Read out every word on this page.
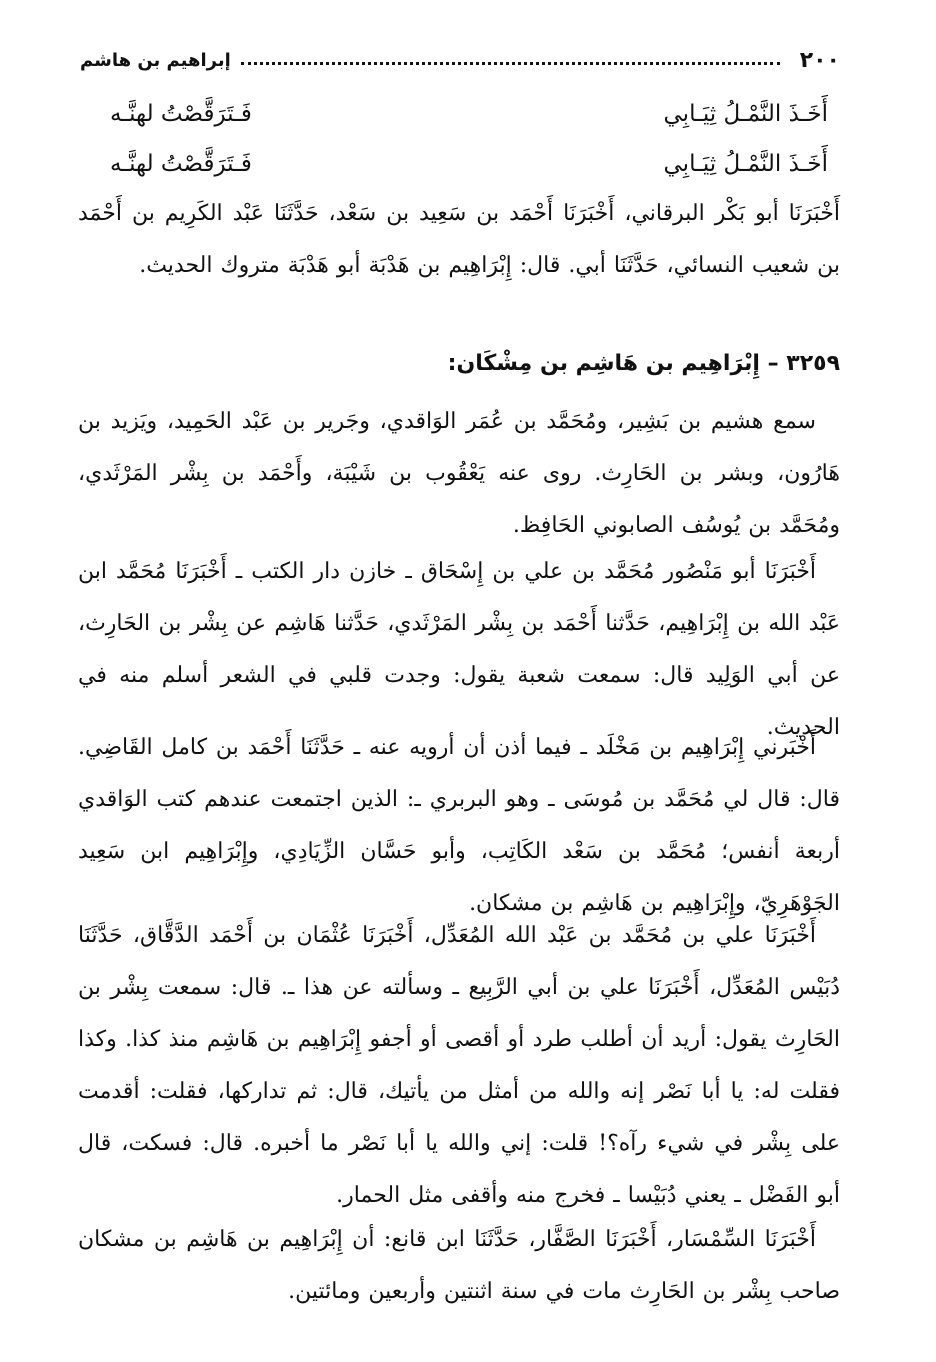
٢٠٠
إبراهيم بن هاشم
أَخَـذَ النَّمْـلُ ثِيَـابِي
فَـتَرَقَّصْتُ لهنَّـه
أَخَـذَ النَّمْـلُ ثِيَـابِي
فَـتَرَقَّصْتُ لهنَّـه
أَخْبَرَنَا أبو بَكْر البرقاني، أَخْبَرَنَا أَحْمَد بن سَعِيد بن سَعْد، حَدَّثَنَا عَبْد الكَرِيم بن أَحْمَد بن شعيب النسائي، حَدَّثَنَا أبي. قال: إِبْرَاهِيم بن هَدْبَة أبو هَدْبَة متروك الحديث.
٣٢٥٩ – إِبْرَاهِيم بن هَاشِم بن مِشْكَان:
سمع هشيم بن بَشِير، ومُحَمَّد بن عُمَر الوَاقدي، وجَرير بن عَبْد الحَمِيد، ويَزيد بن هَارُون، وبشر بن الحَارِث. روى عنه يَعْقُوب بن شَيْبَة، وأَحْمَد بن بِشْر المَرْثَدي، ومُحَمَّد بن يُوسُف الصابوني الحَافِظ.
أَخْبَرَنَا أبو مَنْصُور مُحَمَّد بن علي بن إِسْحَاق ـ خازن دار الكتب ـ أَخْبَرَنَا مُحَمَّد ابن عَبْد الله بن إِبْرَاهِيم، حَدَّثنا أَحْمَد بن بِشْر المَرْثَدي، حَدَّثنا هَاشِم عن بِشْر بن الحَارِث، عن أبي الوَلِيد قال: سمعت شعبة يقول: وجدت قلبي في الشعر أسلم منه في الحديث.
أَخْبَرني إِبْرَاهِيم بن مَخْلَد ـ فيما أذن أن أرويه عنه ـ حَدَّثَنَا أَحْمَد بن كامل القَاضِي. قال: قال لي مُحَمَّد بن مُوسَى ـ وهو البربري ـ: الذين اجتمعت عندهم كتب الوَاقدي أربعة أنفس؛ مُحَمَّد بن سَعْد الكَاتِب، وأبو حَسَّان الزِّيَادِي، وإِبْرَاهِيم ابن سَعِيد الجَوْهَرِيّ، وإِبْرَاهِيم بن هَاشِم بن مشكان.
أَخْبَرَنَا علي بن مُحَمَّد بن عَبْد الله المُعَدِّل، أَخْبَرَنَا عُثْمَان بن أَحْمَد الدَّقَّاق، حَدَّثَنَا دُبَيْس المُعَدِّل، أَخْبَرَنَا علي بن أبي الرَّبِيع ـ وسألته عن هذا ـ. قال: سمعت بِشْر بن الحَارِث يقول: أريد أن أطلب طرد أو أقصى أو أجفو إِبْرَاهِيم بن هَاشِم منذ كذا. وكذا فقلت له: يا أبا نَصْر إنه والله من أمثل من يأتيك، قال: ثم تداركها، فقلت: أقدمت على بِشْر في شيء رآه؟! قلت: إني والله يا أبا نَصْر ما أخبره. قال: فسكت، قال أبو الفَضْل ـ يعني دُبَيْسا ـ فخرج منه وأقفى مثل الحمار.
أَخْبَرَنَا السِّمْسَار، أَخْبَرَنَا الصَّفَّار، حَدَّثَنَا ابن قانع: أن إِبْرَاهِيم بن هَاشِم بن مشكان صاحب بِشْر بن الحَارِث مات في سنة اثنتين وأربعين ومائتين.
